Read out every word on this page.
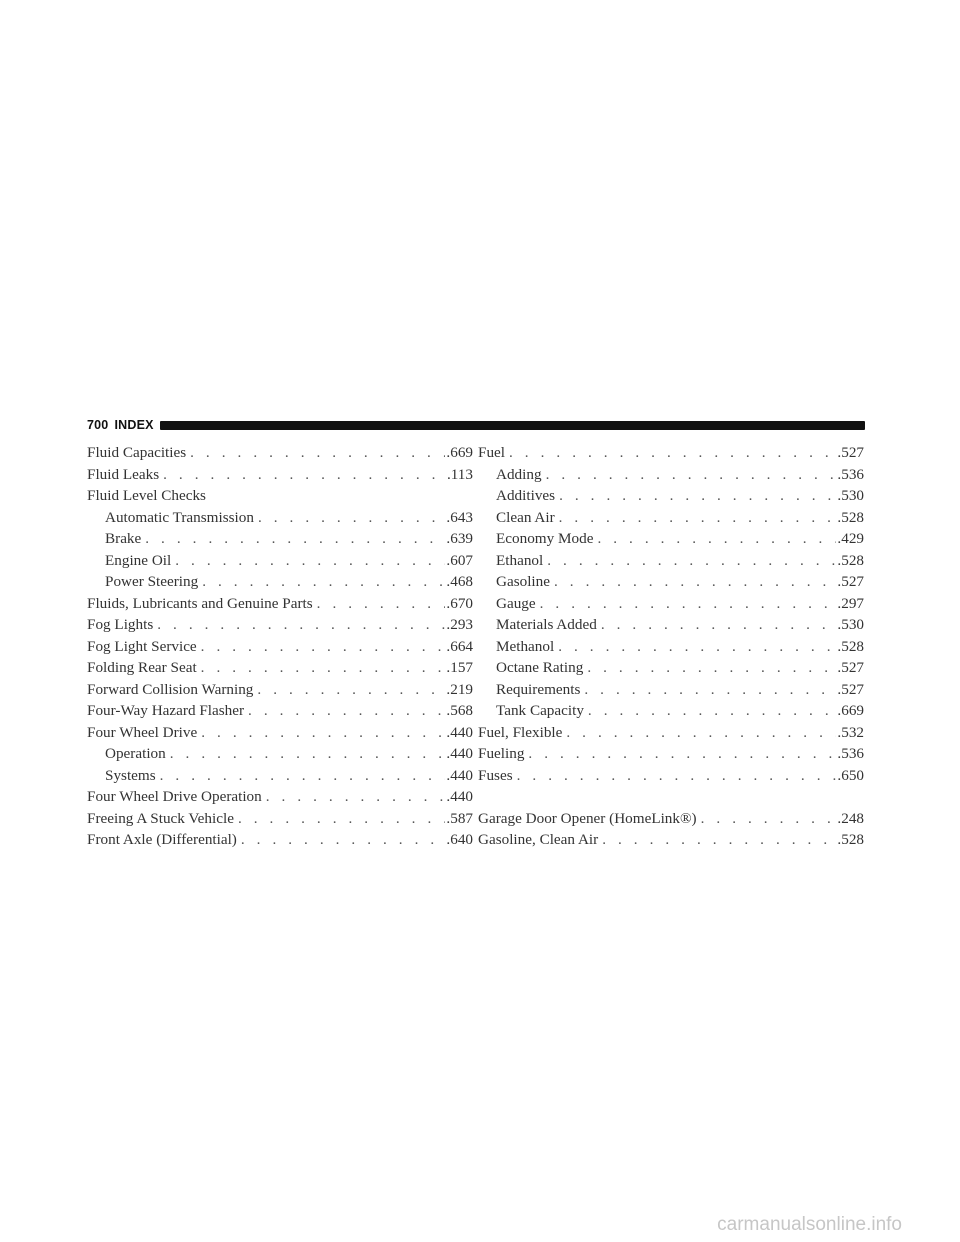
700 INDEX
Fluid Capacities . . .	.669
Fluid Leaks . . .	.113
Fluid Level Checks
Automatic Transmission . . .	.643
Brake . . .	.639
Engine Oil . . .	.607
Power Steering . . .	.468
Fluids, Lubricants and Genuine Parts . . .	.670
Fog Lights . . .	.293
Fog Light Service . . .	.664
Folding Rear Seat . . .	.157
Forward Collision Warning . . .	.219
Four-Way Hazard Flasher . . .	.568
Four Wheel Drive . . .	.440
Operation . . .	.440
Systems . . .	.440
Four Wheel Drive Operation . . .	.440
Freeing A Stuck Vehicle . . .	.587
Front Axle (Differential) . . .	.640
Fuel . . .	.527
Adding . . .	.536
Additives . . .	.530
Clean Air . . .	.528
Economy Mode . . .	.429
Ethanol . . .	.528
Gasoline . . .	.527
Gauge . . .	.297
Materials Added . . .	.530
Methanol . . .	.528
Octane Rating . . .	.527
Requirements . . .	.527
Tank Capacity . . .	.669
Fuel, Flexible . . .	.532
Fueling . . .	.536
Fuses . . .	.650
Garage Door Opener (HomeLink®) . . .	.248
Gasoline, Clean Air . . .	.528
carmanualsonline.info
